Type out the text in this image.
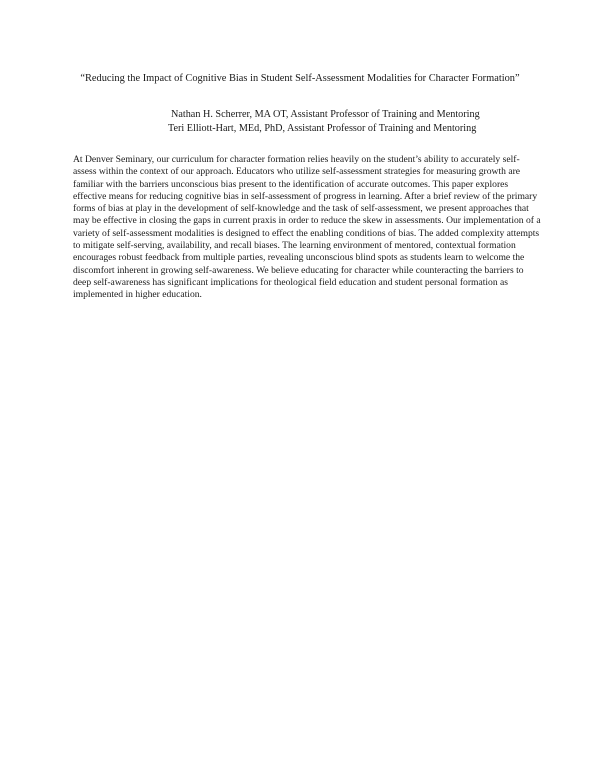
“Reducing the Impact of Cognitive Bias in Student Self-Assessment Modalities for Character Formation”
Nathan H. Scherrer, MA OT, Assistant Professor of Training and Mentoring
Teri Elliott-Hart, MEd, PhD, Assistant Professor of Training and Mentoring

At Denver Seminary, our curriculum for character formation relies heavily on the student’s ability to accurately self-assess within the context of our approach. Educators who utilize self-assessment strategies for measuring growth are familiar with the barriers unconscious bias present to the identification of accurate outcomes. This paper explores effective means for reducing cognitive bias in self-assessment of progress in learning. After a brief review of the primary forms of bias at play in the development of self-knowledge and the task of self-assessment, we present approaches that may be effective in closing the gaps in current praxis in order to reduce the skew in assessments. Our implementation of a variety of self-assessment modalities is designed to effect the enabling conditions of bias. The added complexity attempts to mitigate self-serving, availability, and recall biases. The learning environment of mentored, contextual formation encourages robust feedback from multiple parties, revealing unconscious blind spots as students learn to welcome the discomfort inherent in growing self-awareness. We believe educating for character while counteracting the barriers to deep self-awareness has significant implications for theological field education and student personal formation as implemented in higher education.
